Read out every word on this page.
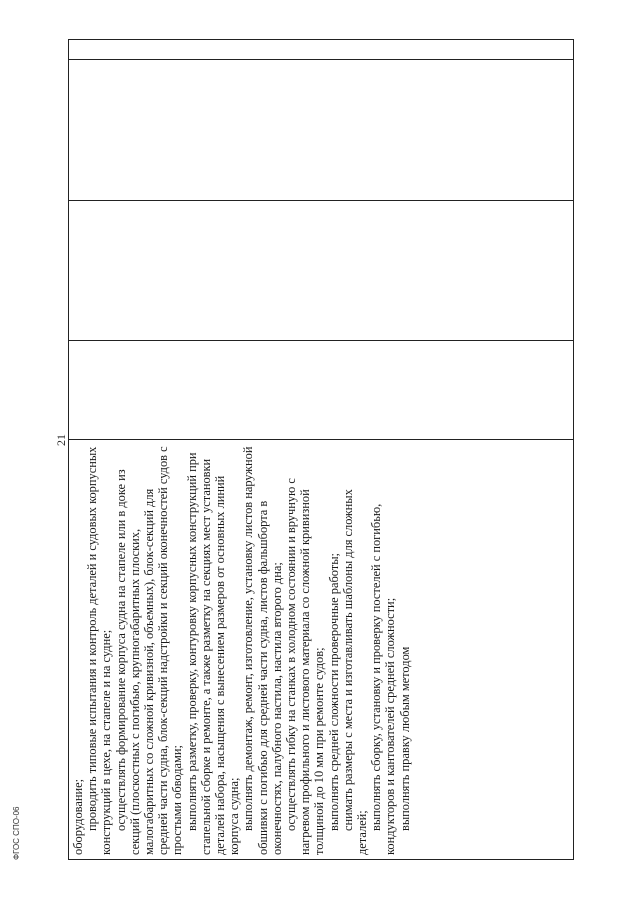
21

оборудование; проводить типовые испытания и контроль деталей и судовых корпусных конструкций в цехе, на стапеле и на судне; осуществлять формирование корпуса судна на стапеле или в доке из секций (плоскостных с погибью, крупногабаритных плоских, малогабаритных со сложной кривизной, объемных), блок-секций для средней части судна, блок-секций надстройки и секций оконечностей судов с простыми обводами; выполнять разметку, проверку, контуровку корпусных конструкций при стапельной сборке и ремонте, а также разметку на секциях мест установки деталей набора, насыщения с вынесением размеров от основных линий корпуса судна; выполнять демонтаж, ремонт, изготовление, установку листов наружной обшивки с погибью для средней части судна, листов фальшборта в оконечностях, палубного настила, настила второго дна; осуществлять гибку на станках в холодном состоянии и вручную с нагревом профильного и листового материала со сложной кривизной толщиной до 10 мм при ремонте судов; выполнять средней сложности проверочные работы; снимать размеры с места и изготавливать шаблоны для сложных деталей;

выполнять сборку, установку и проверку постелей с погибью, кондукторов и кантователей средней сложности; выполнять правку любым методом

ФГОС СПО-06
